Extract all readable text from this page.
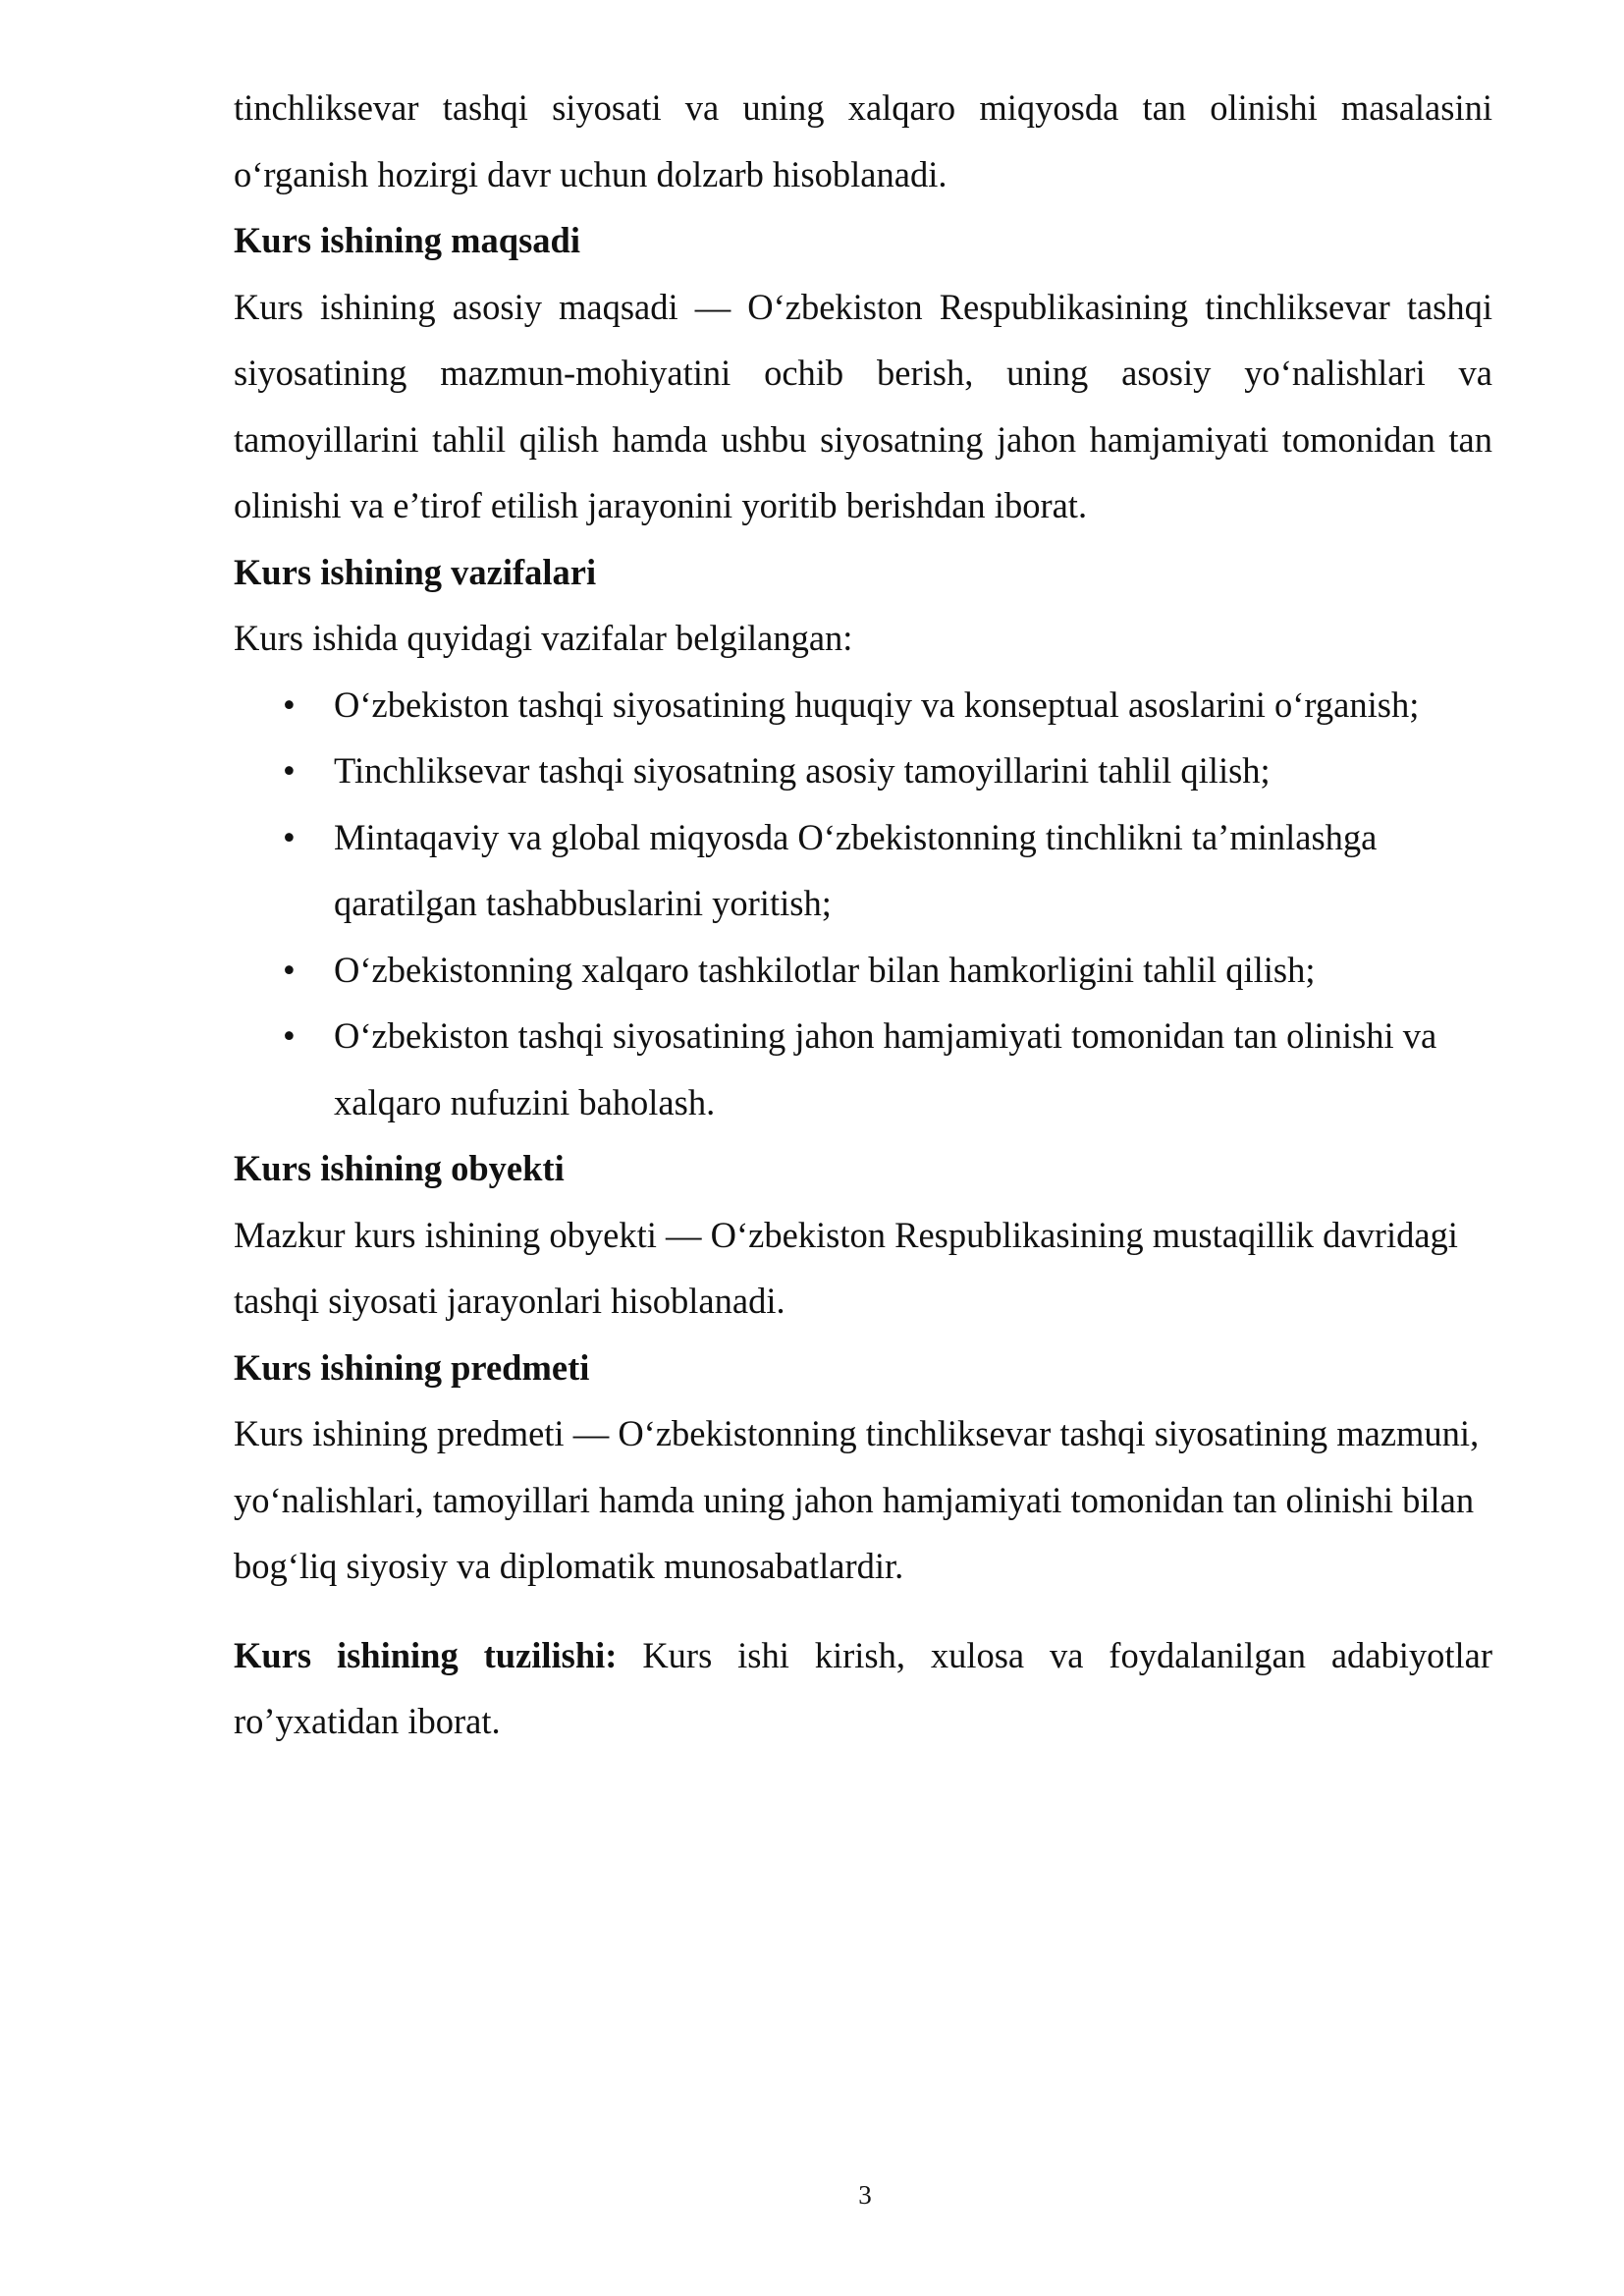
tinchliksevar tashqi siyosati va uning xalqaro miqyosda tan olinishi masalasini oʻrganish hozirgi davr uchun dolzarb hisoblanadi.

Kurs ishining maqsadi

Kurs ishining asosiy maqsadi — Oʻzbekiston Respublikasining tinchliksevar tashqi siyosatining mazmun-mohiyatini ochib berish, uning asosiy yoʻnalishlari va tamoyillarini tahlil qilish hamda ushbu siyosatning jahon hamjamiyati tomonidan tan olinishi va e’tirof etilish jarayonini yoritib berishdan iborat.

Kurs ishining vazifalari

Kurs ishida quyidagi vazifalar belgilangan:

• Oʻzbekiston tashqi siyosatining huquqiy va konseptual asoslarini oʻrganish;
• Tinchliksevar tashqi siyosatning asosiy tamoyillarini tahlil qilish;
• Mintaqaviy va global miqyosda Oʻzbekistonning tinchlikni ta’minlashga qaratilgan tashabbuslarini yoritish;
• Oʻzbekistonning xalqaro tashkilotlar bilan hamkorligini tahlil qilish;
• Oʻzbekiston tashqi siyosatining jahon hamjamiyati tomonidan tan olinishi va xalqaro nufuzini baholash.

Kurs ishining obyekti

Mazkur kurs ishining obyekti — Oʻzbekiston Respublikasining mustaqillik davridagi tashqi siyosati jarayonlari hisoblanadi.

Kurs ishining predmeti

Kurs ishining predmeti — Oʻzbekistonning tinchliksevar tashqi siyosatining mazmuni, yoʻnalishlari, tamoyillari hamda uning jahon hamjamiyati tomonidan tan olinishi bilan bogʻliq siyosiy va diplomatik munosabatlardir.

Kurs ishining tuzilishi: Kurs ishi kirish, xulosa va foydalanilgan adabiyotlar ro’yxatidan iborat.

3
